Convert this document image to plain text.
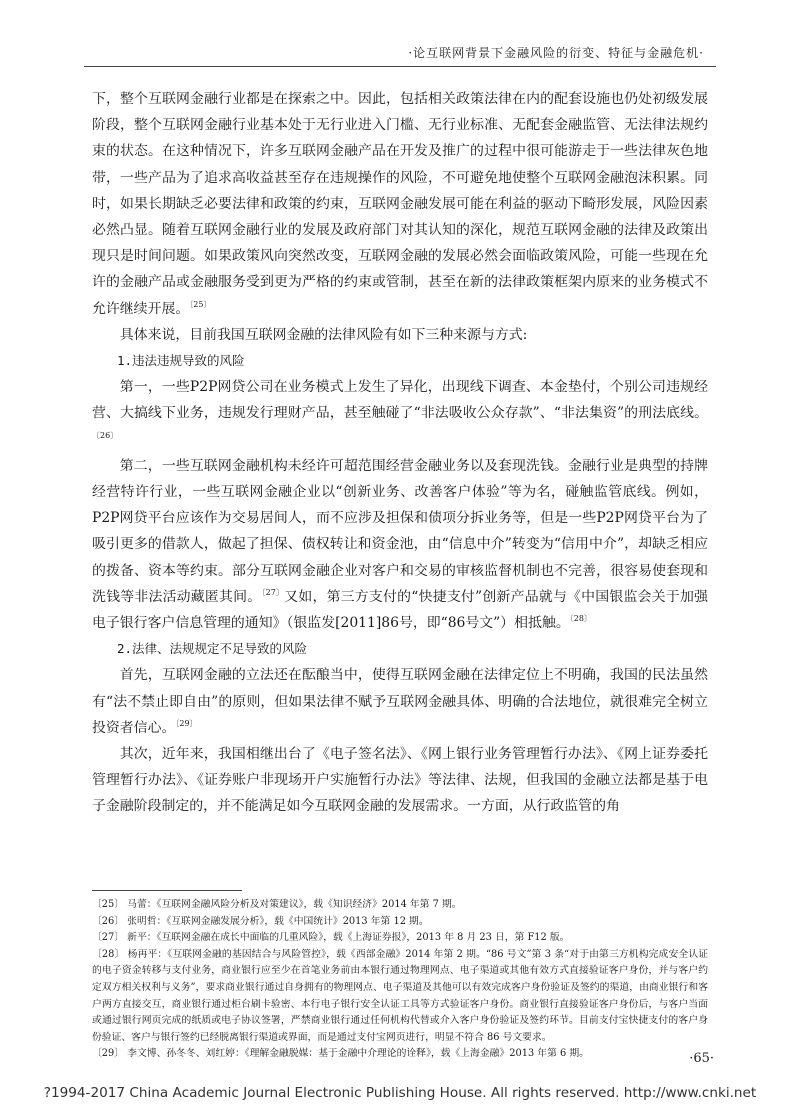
·论互联网背景下金融风险的衍变、特征与金融危机·

下，整个互联网金融行业都是在探索之中。因此，包括相关政策法律在内的配套设施也仍处初级发展阶段，整个互联网金融行业基本处于无行业进入门槛、无行业标准、无配套金融监管、无法律法规约束的状态。在这种情况下，许多互联网金融产品在开发及推广的过程中很可能游走于一些法律灰色地带，一些产品为了追求高收益甚至存在违规操作的风险，不可避免地使整个互联网金融泡沫积累。同时，如果长期缺乏必要法律和政策的约束，互联网金融发展可能在利益的驱动下畸形发展，风险因素必然凸显。随着互联网金融行业的发展及政府部门对其认知的深化，规范互联网金融的法律及政策出现只是时间问题。如果政策风向突然改变，互联网金融的发展必然会面临政策风险，可能一些现在允许的金融产品或金融服务受到更为严格的约束或管制，甚至在新的法律政策框架内原来的业务模式不允许继续开展。$^{〔25〕}$

具体来说，目前我国互联网金融的法律风险有如下三种来源与方式:

1.违法违规导致的风险

第一，一些P2P网贷公司在业务模式上发生了异化，出现线下调查、本金垫付，个别公司违规经营、大搞线下业务，违规发行理财产品，甚至触碰了“非法吸收公众存款”、“非法集资”的刑法底线。$^{〔26〕}$

第二，一些互联网金融机构未经许可超范围经营金融业务以及套现洗钱。金融行业是典型的持牌经营特许行业，一些互联网金融企业以“创新业务、改善客户体验”等为名，碰触监管底线。例如，P2P网贷平台应该作为交易居间人，而不应涉及担保和债项分拆业务等，但是一些P2P网贷平台为了吸引更多的借款人，做起了担保、债权转让和资金池，由“信息中介”转变为“信用中介”，却缺乏相应的拨备、资本等约束。部分互联网金融企业对客户和交易的审核监督机制也不完善，很容易使套现和洗钱等非法活动藏匿其间。$^{〔27〕}$又如，第三方支付的“快捷支付”创新产品就与《中国银监会关于加强电子银行客户信息管理的通知》（银监发[2011]86号，即“86号文”）相抵触。$^{〔28〕}$

2.法律、法规规定不足导致的风险

首先，互联网金融的立法还在酝酿当中，使得互联网金融在法律定位上不明确，我国的民法虽然有“法不禁止即自由”的原则，但如果法律不赋予互联网金融具体、明确的合法地位，就很难完全树立投资者信心。$^{〔29〕}$

其次，近年来，我国相继出台了《电子签名法》、《网上银行业务管理暂行办法》、《网上证券委托管理暂行办法》、《证券账户非现场开户实施暂行办法》等法律、法规，但我国的金融立法都是基于电子金融阶段制定的，并不能满足如今互联网金融的发展需求。一方面，从行政监管的角

〔25〕 马蕾：《互联网金融风险分析及对策建议》，载《知识经济》2014 年第 7 期。
〔26〕 张明哲：《互联网金融发展分析》，载《中国统计》2013 年第 12 期。
〔27〕 新平：《互联网金融在成长中面临的几重风险》，载《上海证券报》，2013 年 8 月 23 日，第 F12 版。
〔28〕 杨再平：《互联网金融的基因结合与风险管控》，载《西部金融》2014 年第 2 期。“86 号文”第 3 条“对于由第三方机构完成安全认证的电子资金转移与支付业务，商业银行应至少在首笔业务前由本银行通过物理网点、电子渠道或其他有效方式直接验证客户身份，并与客户约定双方相关权利与义务”，要求商业银行通过自身拥有的物理网点、电子渠道及其他可以有效完成客户身份验证及签约的渠道，由商业银行和客户两方直接交互，商业银行通过柜台刷卡验密、本行电子银行安全认证工具等方式验证客户身份。商业银行直接验证客户身份后，与客户当面或通过银行网页完成的纸质或电子协议签署，严禁商业银行通过任何机构代替或介入客户身份验证及签约环节。目前支付宝快捷支付的客户身份验证、客户与银行签约已经脱离银行渠道或界面，而是通过支付宝网页进行，明显不符合 86 号文要求。
〔29〕 李文博、孙冬冬、刘红婷：《理解金融脱媒：基于金融中介理论的诠释》，载《上海金融》2013 年第 6 期。	·65·
?1994-2017 China Academic Journal Electronic Publishing House. All rights reserved. http://www.cnki.net
